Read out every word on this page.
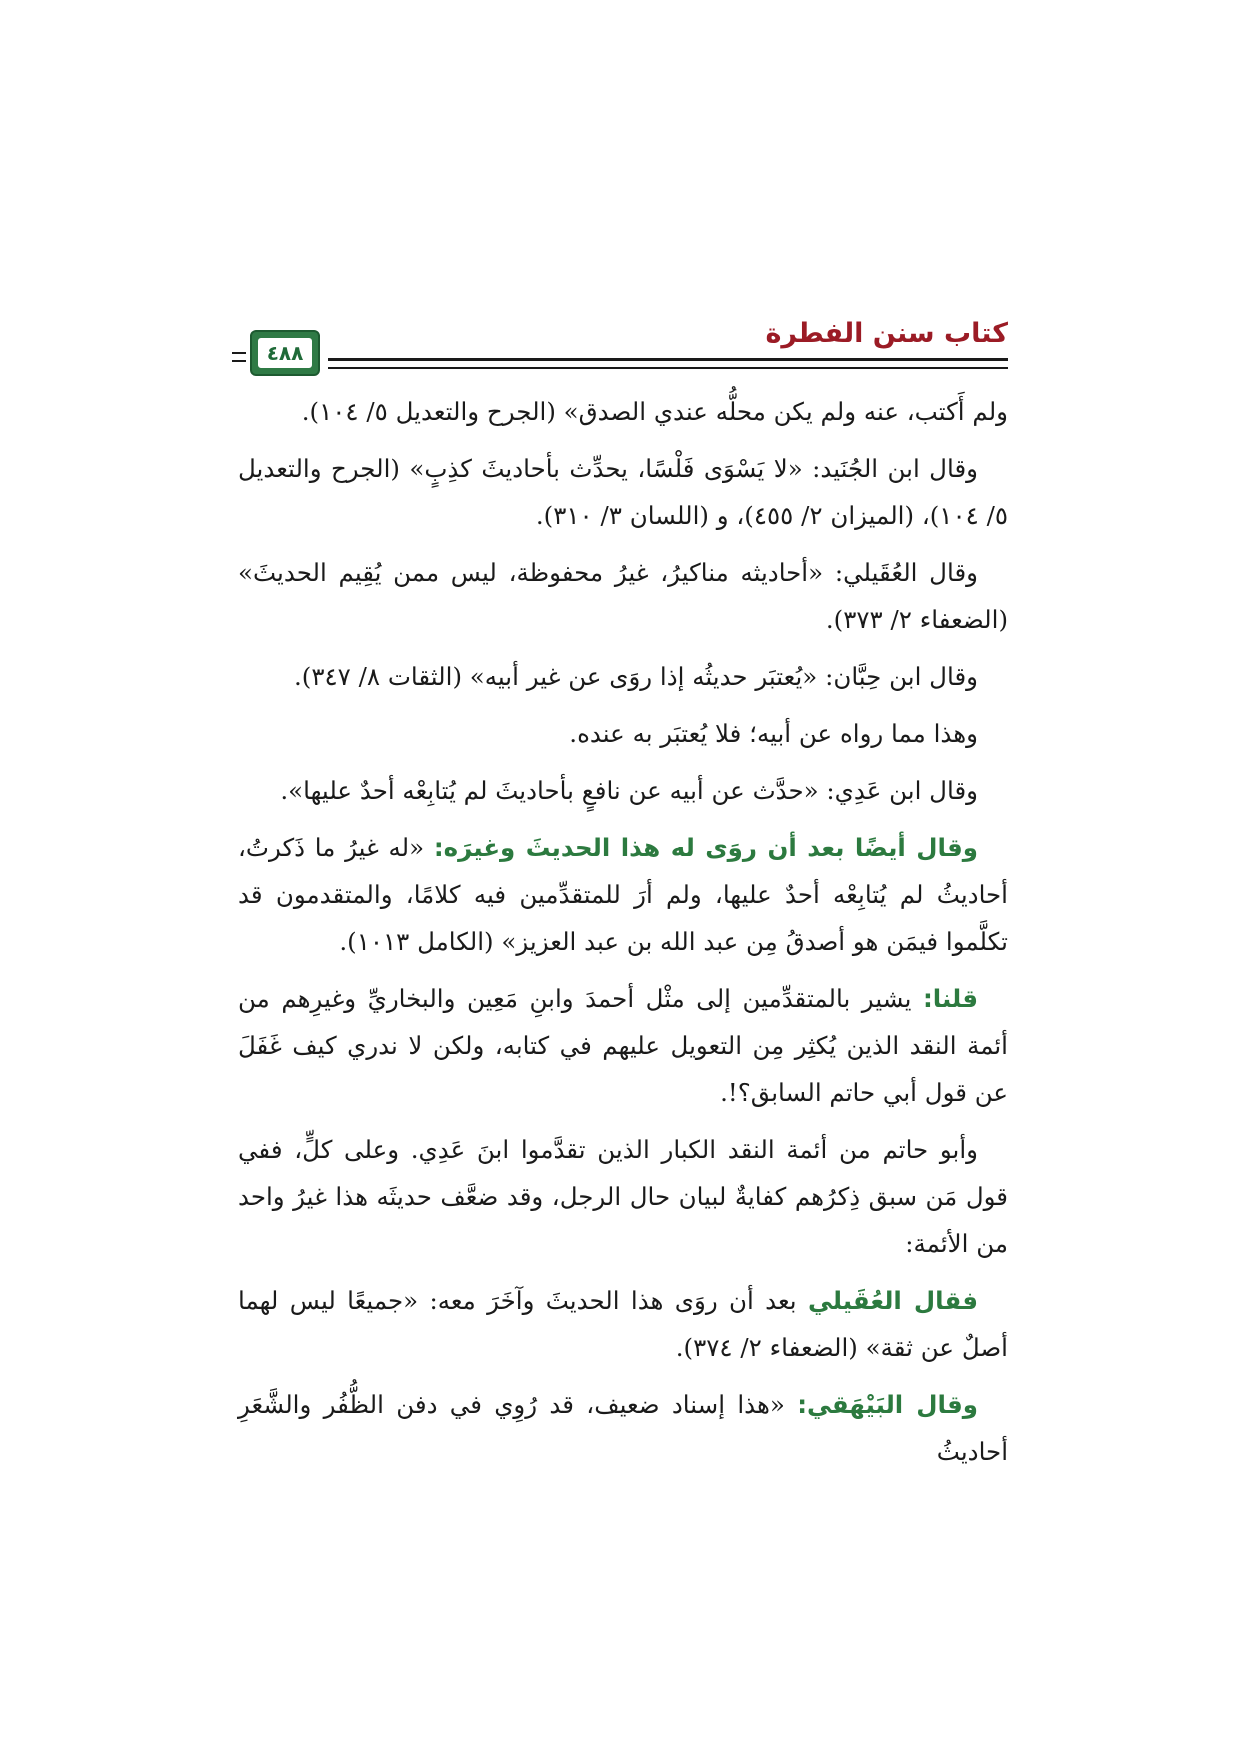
كتاب سنن الفطرة
٤٨٨

ولم أَكتب، عنه ولم يكن محلُّه عندي الصدق» (الجرح والتعديل ٥/ ١٠٤).

وقال ابن الجُنَيد: «لا يَسْوَى فَلْسًا، يحدِّث بأحاديثَ كذِبٍ» (الجرح والتعديل ٥/ ١٠٤)، (الميزان ٢/ ٤٥٥)، و (اللسان ٣/ ٣١٠).

وقال العُقَيلي: «أحاديثه مناكيرُ، غيرُ محفوظة، ليس ممن يُقِيم الحديثَ» (الضعفاء ٢/ ٣٧٣).

وقال ابن حِبَّان: «يُعتبَر حديثُه إذا روَى عن غير أبيه» (الثقات ٨/ ٣٤٧).

وهذا مما رواه عن أبيه؛ فلا يُعتبَر به عنده.

وقال ابن عَدِي: «حدَّث عن أبيه عن نافعٍ بأحاديثَ لم يُتابِعْه أحدٌ عليها».

وقال أيضًا بعد أن روَى له هذا الحديثَ وغيرَه: «له غيرُ ما ذَكرتُ، أحاديثُ لم يُتابِعْه أحدٌ عليها، ولم أرَ للمتقدِّمين فيه كلامًا، والمتقدمون قد تكلَّموا فيمَن هو أصدقُ مِن عبد الله بن عبد العزيز» (الكامل ١٠١٣).

قلنا: يشير بالمتقدِّمين إلى مثْل أحمدَ وابنِ مَعِين والبخاريِّ وغيرِهم من أئمة النقد الذين يُكثِر مِن التعويل عليهم في كتابه، ولكن لا ندري كيف غَفَلَ عن قول أبي حاتم السابق؟!.

وأبو حاتم من أئمة النقد الكبار الذين تقدَّموا ابنَ عَدِي. وعلى كلٍّ، ففي قول مَن سبق ذِكرُهم كفايةٌ لبيان حال الرجل، وقد ضعَّف حديثَه هذا غيرُ واحد من الأئمة:

فقال العُقَيلي بعد أن روَى هذا الحديثَ وآخَرَ معه: «جميعًا ليس لهما أصلٌ عن ثقة» (الضعفاء ٢/ ٣٧٤).

وقال البَيْهَقي: «هذا إسناد ضعيف، قد رُوِي في دفن الظُّفُر والشَّعَرِ أحاديثُ
